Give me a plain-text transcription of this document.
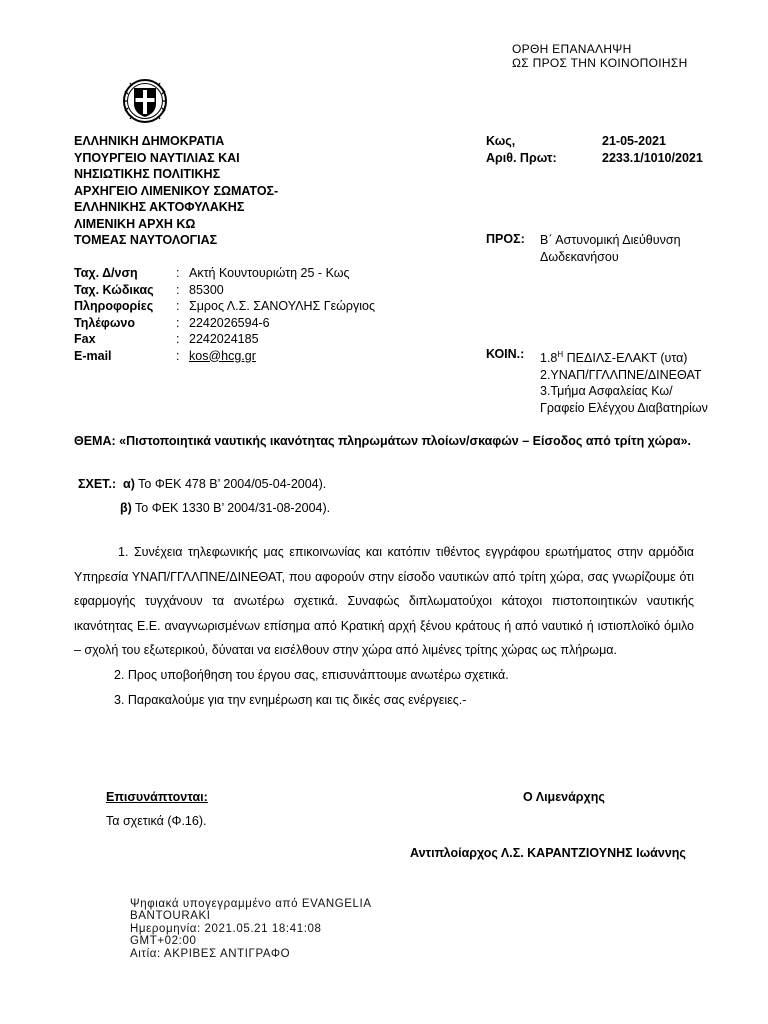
ΟΡΘΗ ΕΠΑΝΑΛΗΨΗ
ΩΣ ΠΡΟΣ ΤΗΝ ΚΟΙΝΟΠΟΙΗΣΗ
ΕΛΛΗΝΙΚΗ ΔΗΜΟΚΡΑΤΙΑ
ΥΠΟΥΡΓΕΙΟ ΝΑΥΤΙΛΙΑΣ ΚΑΙ
ΝΗΣΙΩΤΙΚΗΣ ΠΟΛΙΤΙΚΗΣ
ΑΡΧΗΓΕΙΟ ΛΙΜΕΝΙΚΟΥ ΣΩΜΑΤΟΣ-
ΕΛΛΗΝΙΚΗΣ ΑΚΤΟΦΥΛΑΚΗΣ
ΛΙΜΕΝΙΚΗ ΑΡΧΗ ΚΩ
ΤΟΜΕΑΣ ΝΑΥΤΟΛΟΓΙΑΣ
Κως,	21-05-2021
Αριθ. Πρωτ:	2233.1/1010/2021
ΠΡΟΣ: Β΄ Αστυνομική Διεύθυνση
Δωδεκανήσου
Ταχ. Δ/νση	: Ακτή Κουντουριώτη 25 - Κως
Ταχ. Κώδικας	: 85300
Πληροφορίες	: Σμρος Λ.Σ. ΣΑΝΟΥΛΗΣ Γεώργιος
Τηλέφωνο	: 2242026594-6
Fax	: 2242024185
E-mail	: kos@hcg.gr	ΚΟΙΝ.: $1.8^H$ ΠΕΔΙΛΣ-ΕΛΑΚΤ (υτα)
2.ΥΝΑΠ/ΓΓΛΛΠΝΕ/ΔΙΝΕΘΑΤ
3.Τμήμα Ασφαλείας Κω/
Γραφείο Ελέγχου Διαβατηρίων
ΘΕΜΑ: «Πιστοποιητικά ναυτικής ικανότητας πληρωμάτων πλοίων/σκαφών – Είσοδος από τρίτη χώρα».
ΣΧΕΤ.: α) Το ΦΕΚ 478 Β’ 2004/05-04-2004).
β) Το ΦΕΚ 1330 Β’ 2004/31-08-2004).

1. Συνέχεια τηλεφωνικής μας επικοινωνίας και κατόπιν τιθέντος εγγράφου ερωτήματος στην αρμόδια Υπηρεσία ΥΝΑΠ/ΓΓΛΛΠΝΕ/ΔΙΝΕΘΑΤ, που αφορούν στην είσοδο ναυτικών από τρίτη χώρα, σας γνωρίζουμε ότι εφαρμογής τυγχάνουν τα ανωτέρω σχετικά. Συναφώς διπλωματούχοι κάτοχοι πιστοποιητικών ναυτικής ικανότητας Ε.Ε. αναγνωρισμένων επίσημα από Κρατική αρχή ξένου κράτους ή από ναυτικό ή ιστιοπλοϊκό όμιλο – σχολή του εξωτερικού, δύναται να εισέλθουν στην χώρα από λιμένες τρίτης χώρας ως πλήρωμα.

2. Προς υποβοήθηση του έργου σας, επισυνάπτουμε ανωτέρω σχετικά.

3. Παρακαλούμε για την ενημέρωση και τις δικές σας ενέργειες.-

Επισυνάπτονται:
Τα σχετικά (Φ.16).
Ο Λιμενάρχης
Αντιπλοίαρχος Λ.Σ. ΚΑΡΑΝΤΖΙΟΥΝΗΣ Ιωάννης
Ψηφιακά υπογεγραμμένο από EVANGELIA
BANTOURAKI
Ημερομηνία: 2021.05.21 18:41:08
GMT+02:00
Αιτία: ΑΚΡΙΒΕΣ ΑΝΤΙΓΡΑΦΟ
